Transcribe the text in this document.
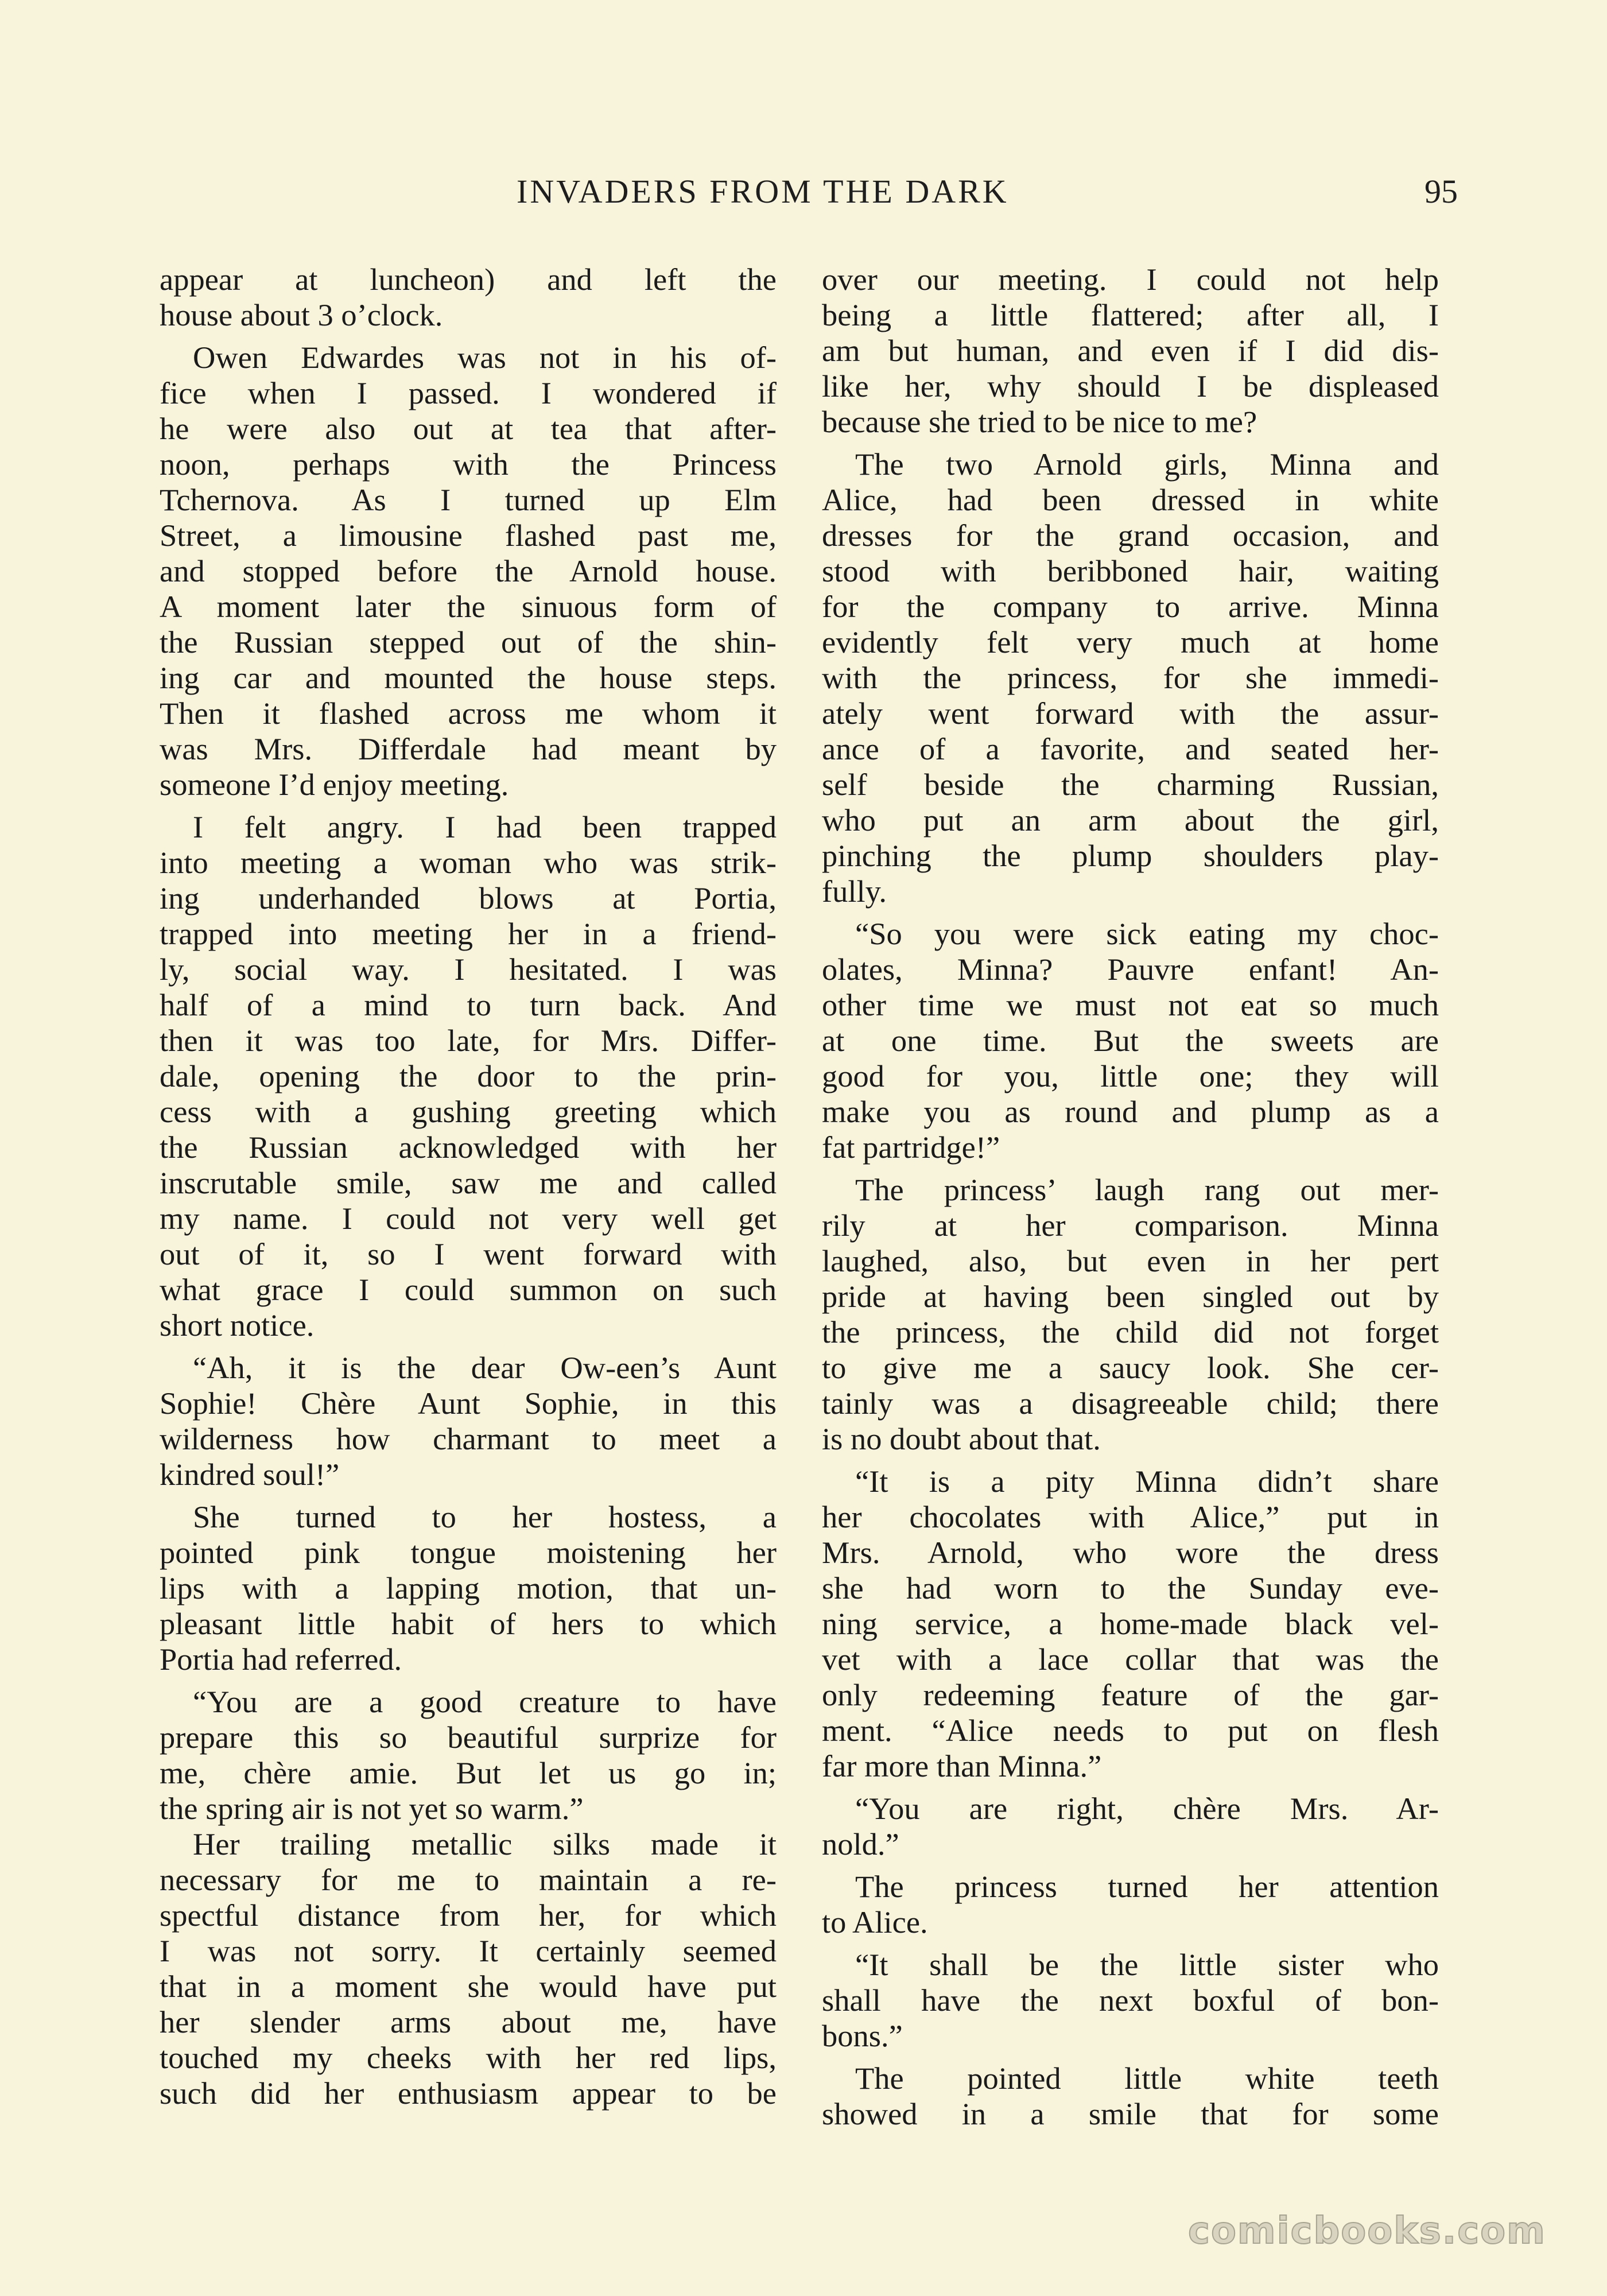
INVADERS FROM THE DARK	95
appear at luncheon) and left the
house about 3 o’clock.
Owen Edwardes was not in his of-
fice when I passed. I wondered if
he were also out at tea that after-
noon, perhaps with the Princess
Tchernova. As I turned up Elm
Street, a limousine flashed past me,
and stopped before the Arnold house.
A moment later the sinuous form of
the Russian stepped out of the shin-
ing car and mounted the house steps.
Then it flashed across me whom it
was Mrs. Differdale had meant by
someone I’d enjoy meeting.
I felt angry. I had been trapped
into meeting a woman who was strik-
ing underhanded blows at Portia,
trapped into meeting her in a friend-
ly, social way. I hesitated. I was
half of a mind to turn back. And
then it was too late, for Mrs. Differ-
dale, opening the door to the prin-
cess with a gushing greeting which
the Russian acknowledged with her
inscrutable smile, saw me and called
my name. I could not very well get
out of it, so I went forward with
what grace I could summon on such
short notice.
“Ah, it is the dear Ow-een’s Aunt
Sophie! Chère Aunt Sophie, in this
wilderness how charmant to meet a
kindred soul!”
She turned to her hostess, a
pointed pink tongue moistening her
lips with a lapping motion, that un-
pleasant little habit of hers to which
Portia had referred.
“You are a good creature to have
prepare this so beautiful surprize for
me, chère amie. But let us go in;
the spring air is not yet so warm.”
Her trailing metallic silks made it
necessary for me to maintain a re-
spectful distance from her, for which
I was not sorry. It certainly seemed
that in a moment she would have put
her slender arms about me, have
touched my cheeks with her red lips,
such did her enthusiasm appear to be
over our meeting. I could not help
being a little flattered; after all, I
am but human, and even if I did dis-
like her, why should I be displeased
because she tried to be nice to me?
The two Arnold girls, Minna and
Alice, had been dressed in white
dresses for the grand occasion, and
stood with beribboned hair, waiting
for the company to arrive. Minna
evidently felt very much at home
with the princess, for she immedi-
ately went forward with the assur-
ance of a favorite, and seated her-
self beside the charming Russian,
who put an arm about the girl,
pinching the plump shoulders play-
fully.
“So you were sick eating my choc-
olates, Minna? Pauvre enfant! An-
other time we must not eat so much
at one time. But the sweets are
good for you, little one; they will
make you as round and plump as a
fat partridge!”
The princess’ laugh rang out mer-
rily at her comparison. Minna
laughed, also, but even in her pert
pride at having been singled out by
the princess, the child did not forget
to give me a saucy look. She cer-
tainly was a disagreeable child; there
is no doubt about that.
“It is a pity Minna didn’t share
her chocolates with Alice,” put in
Mrs. Arnold, who wore the dress
she had worn to the Sunday eve-
ning service, a home-made black vel-
vet with a lace collar that was the
only redeeming feature of the gar-
ment. “Alice needs to put on flesh
far more than Minna.”
“You are right, chère Mrs. Ar-
nold.”
The princess turned her attention
to Alice.
“It shall be the little sister who
shall have the next boxful of bon-
bons.”
The pointed little white teeth
showed in a smile that for some
comicbooks.com
